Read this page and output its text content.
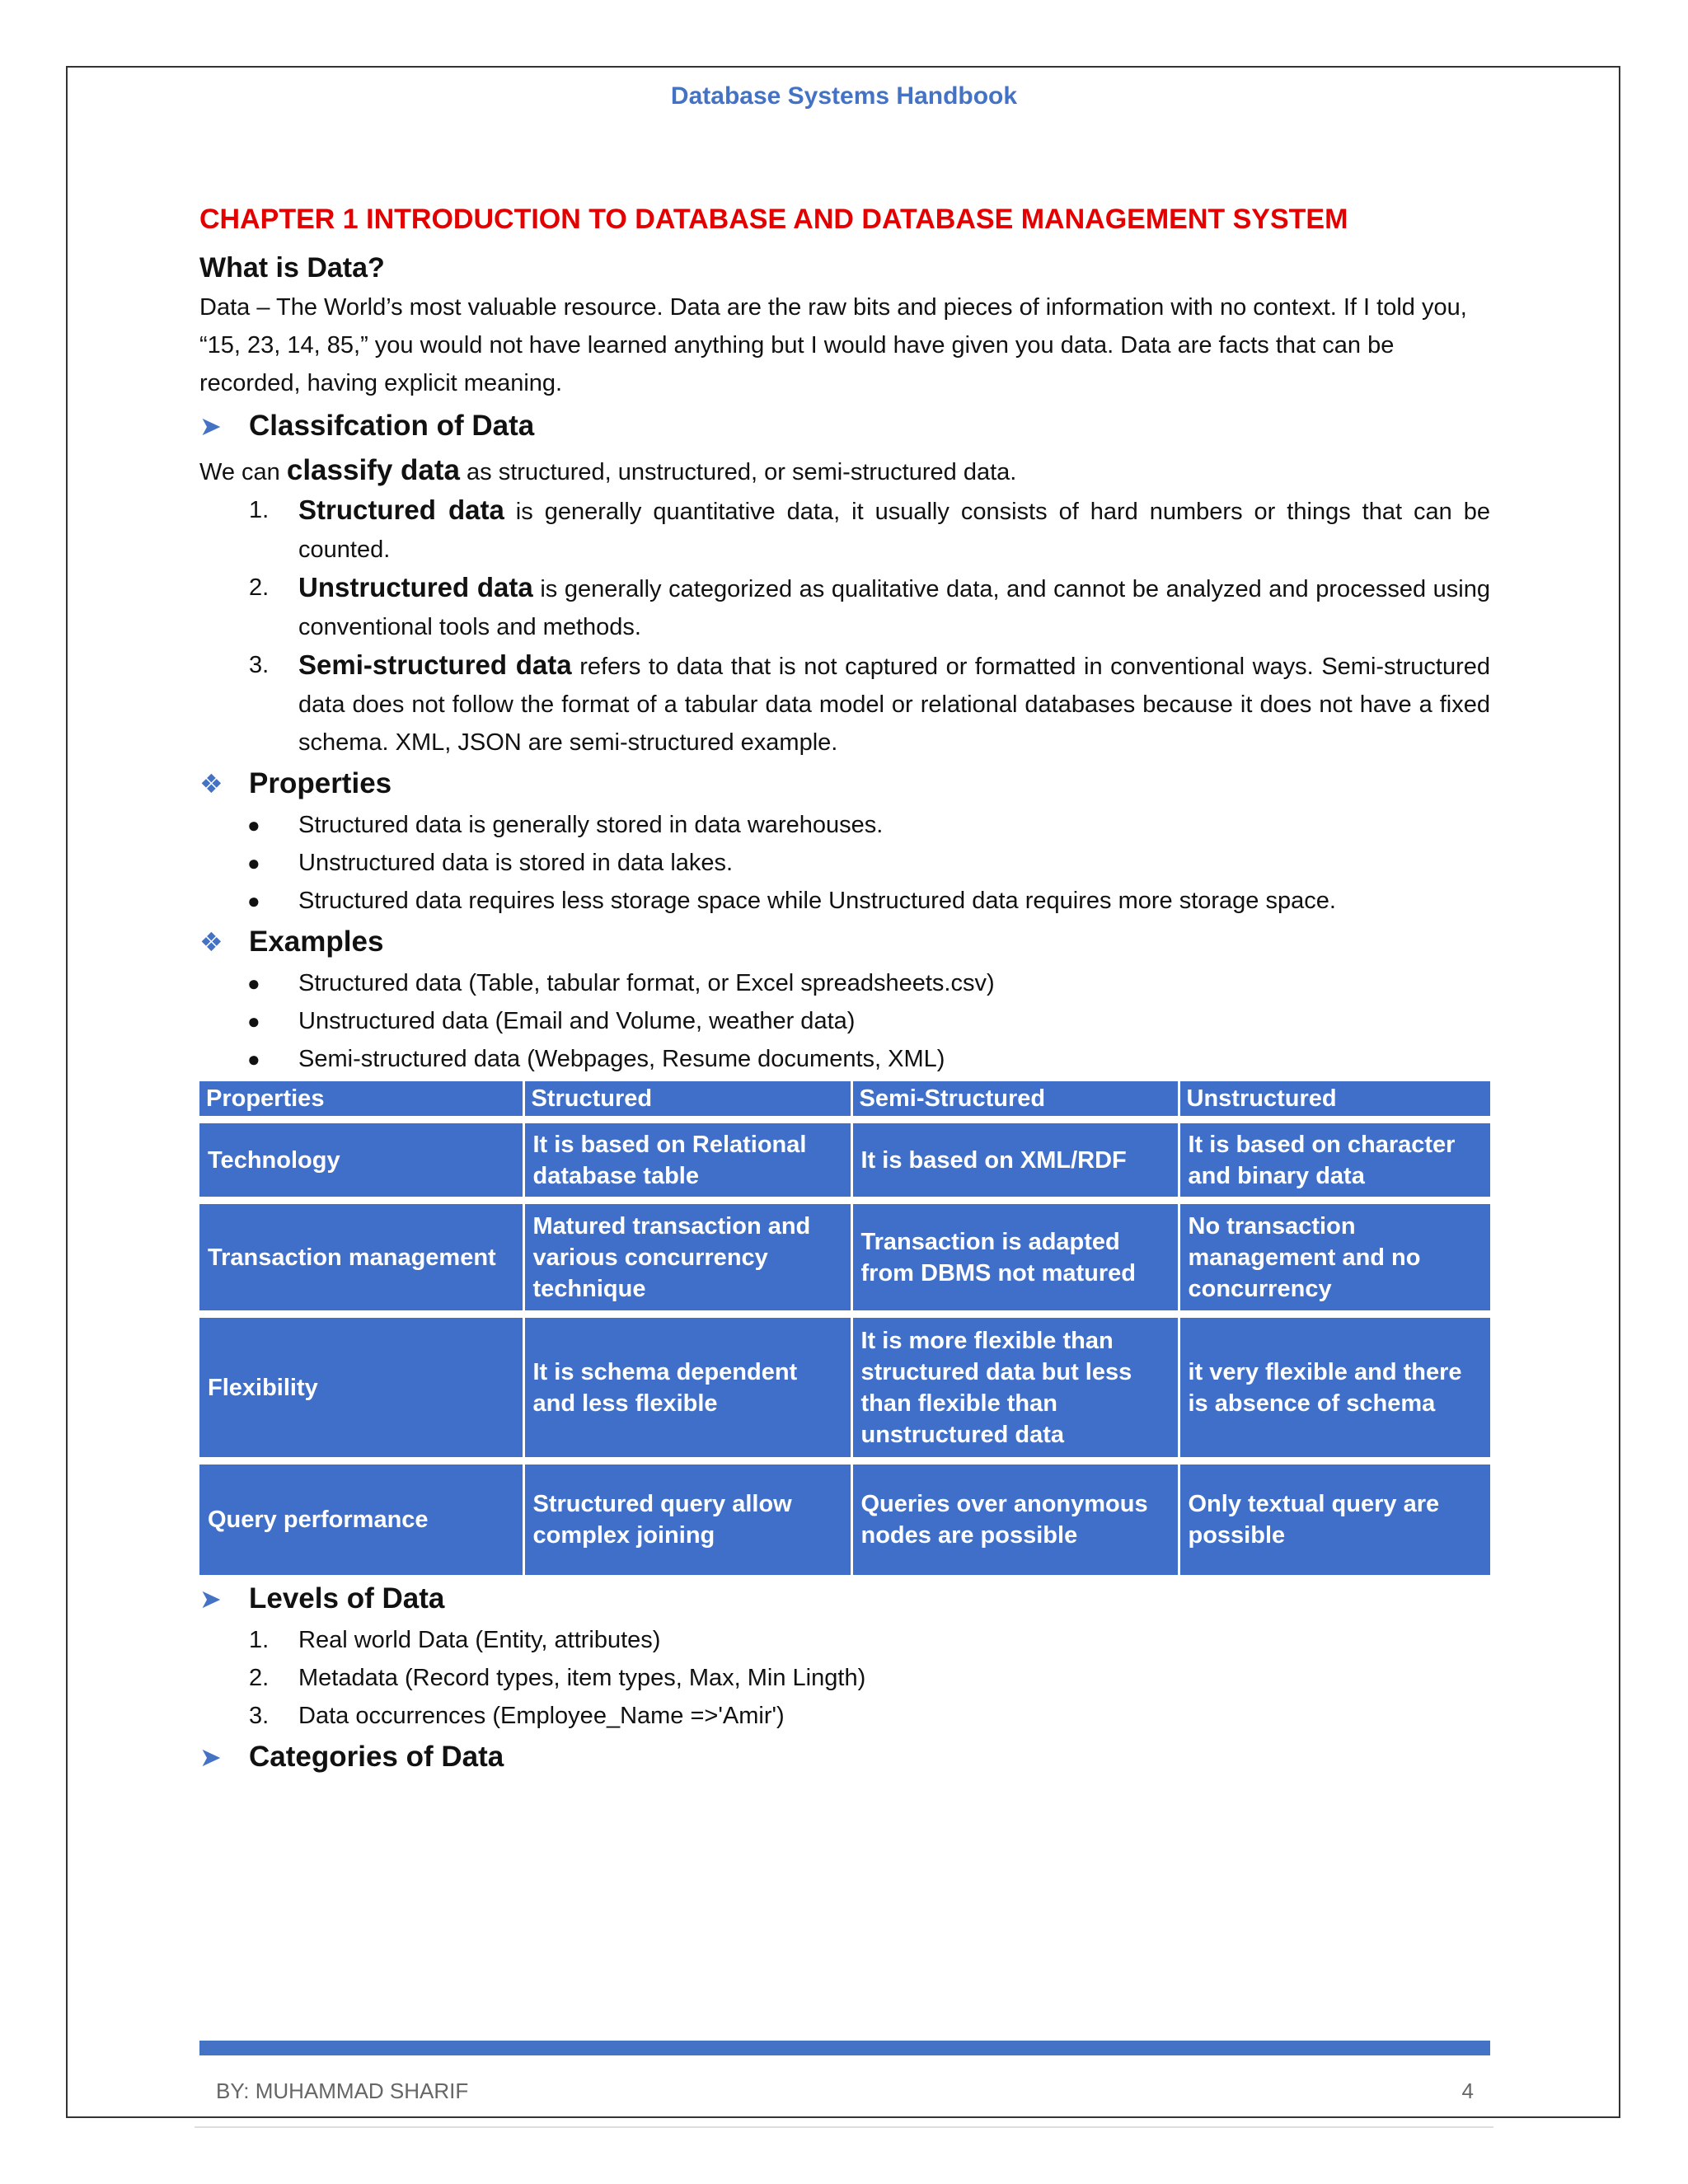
Database Systems Handbook
CHAPTER 1 INTRODUCTION TO DATABASE AND DATABASE MANAGEMENT SYSTEM
What is Data?

Data – The World’s most valuable resource. Data are the raw bits and pieces of information with no context. If I told you, “15, 23, 14, 85,” you would not have learned anything but I would have given you data. Data are facts that can be recorded, having explicit meaning.

➤ Classifcation of Data

We can classify data as structured, unstructured, or semi-structured data.

1.	Structured data is generally quantitative data, it usually consists of hard numbers or things that can be counted.
2.	Unstructured data is generally categorized as qualitative data, and cannot be analyzed and processed using conventional tools and methods.
3.	Semi-structured data refers to data that is not captured or formatted in conventional ways. Semi-structured data does not follow the format of a tabular data model or relational databases because it does not have a fixed schema. XML, JSON are semi-structured example.
❖ Properties
●	Structured data is generally stored in data warehouses.
●	Unstructured data is stored in data lakes.
●	Structured data requires less storage space while Unstructured data requires more storage space.
❖ Examples
●	Structured data (Table, tabular format, or Excel spreadsheets.csv)
●	Unstructured data (Email and Volume, weather data)
●	Semi-structured data (Webpages, Resume documents, XML)
Properties	Structured	Semi-Structured	Unstructured
Technology	It is based on Relational database table	It is based on XML/RDF	It is based on character and binary data
Transaction management	Matured transaction and various concurrency technique	Transaction is adapted from DBMS not matured	No transaction management and no concurrency
Flexibility	It is schema dependent and less flexible	It is more flexible than structured data but less than flexible than unstructured data	it very flexible and there is absence of schema
Query performance	Structured query allow complex joining	Queries over anonymous nodes are possible	Only textual query are possible
➤ Levels of Data
1.	Real world Data (Entity, attributes)
2.	Metadata (Record types, item types, Max, Min Lingth)
3.	Data occurrences (Employee_Name =>'Amir')
➤ Categories of Data
BY: MUHAMMAD SHARIF	4
